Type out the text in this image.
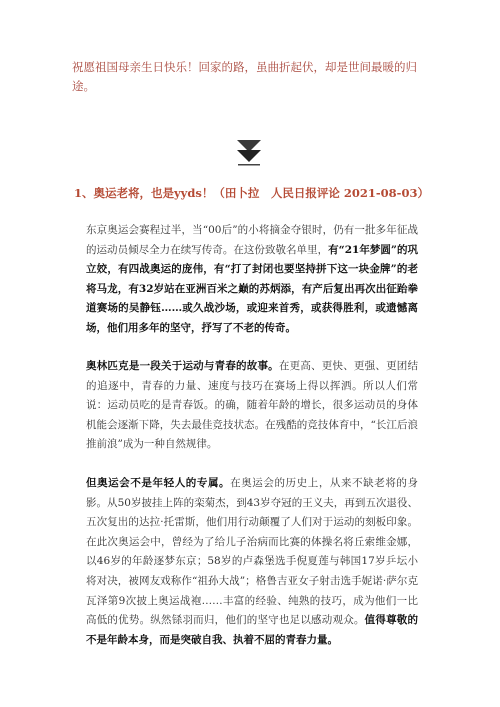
祝愿祖国母亲生日快乐！回家的路，虽曲折起伏，却是世间最暖的归途。

1、奥运老将，也是yyds！（田卜拉　人民日报评论 2021-08-03）

东京奥运会赛程过半，当“00后”的小将摘金夺银时，仍有一批多年征战的运动员倾尽全力在续写传奇。在这份致敬名单里，有“21年梦圆”的巩立姣，有四战奥运的庞伟，有“打了封闭也要坚持拼下这一块金牌”的老将马龙，有32岁站在亚洲百米之巅的苏炳添，有产后复出再次出征跆拳道赛场的吴静钰……或久战沙场，或迎来首秀，或获得胜利，或遗憾离场，他们用多年的坚守，抒写了不老的传奇。

奥林匹克是一段关于运动与青春的故事。在更高、更快、更强、更团结的追逐中，青春的力量、速度与技巧在赛场上得以挥洒。所以人们常说：运动员吃的是青春饭。的确，随着年龄的增长，很多运动员的身体机能会逐渐下降，失去最佳竞技状态。在残酷的竞技体育中，“长江后浪推前浪”成为一种自然规律。

但奥运会不是年轻人的专属。在奥运会的历史上，从来不缺老将的身影。从50岁披挂上阵的栾菊杰，到43岁夺冠的王义夫，再到五次退役、五次复出的达拉·托雷斯，他们用行动颠覆了人们对于运动的刻板印象。在此次奥运会中，曾经为了给儿子治病而比赛的体操名将丘索维金娜，以46岁的年龄逐梦东京；58岁的卢森堡选手倪夏莲与韩国17岁乒坛小将对决，被网友戏称作“祖孙大战”；格鲁吉亚女子射击选手妮诺·萨尔克瓦泽第9次披上奥运战袍……丰富的经验、纯熟的技巧，成为他们一比高低的优势。纵然铩羽而归，他们的坚守也足以感动观众。值得尊敬的不是年龄本身，而是突破自我、执着不屈的青春力量。
